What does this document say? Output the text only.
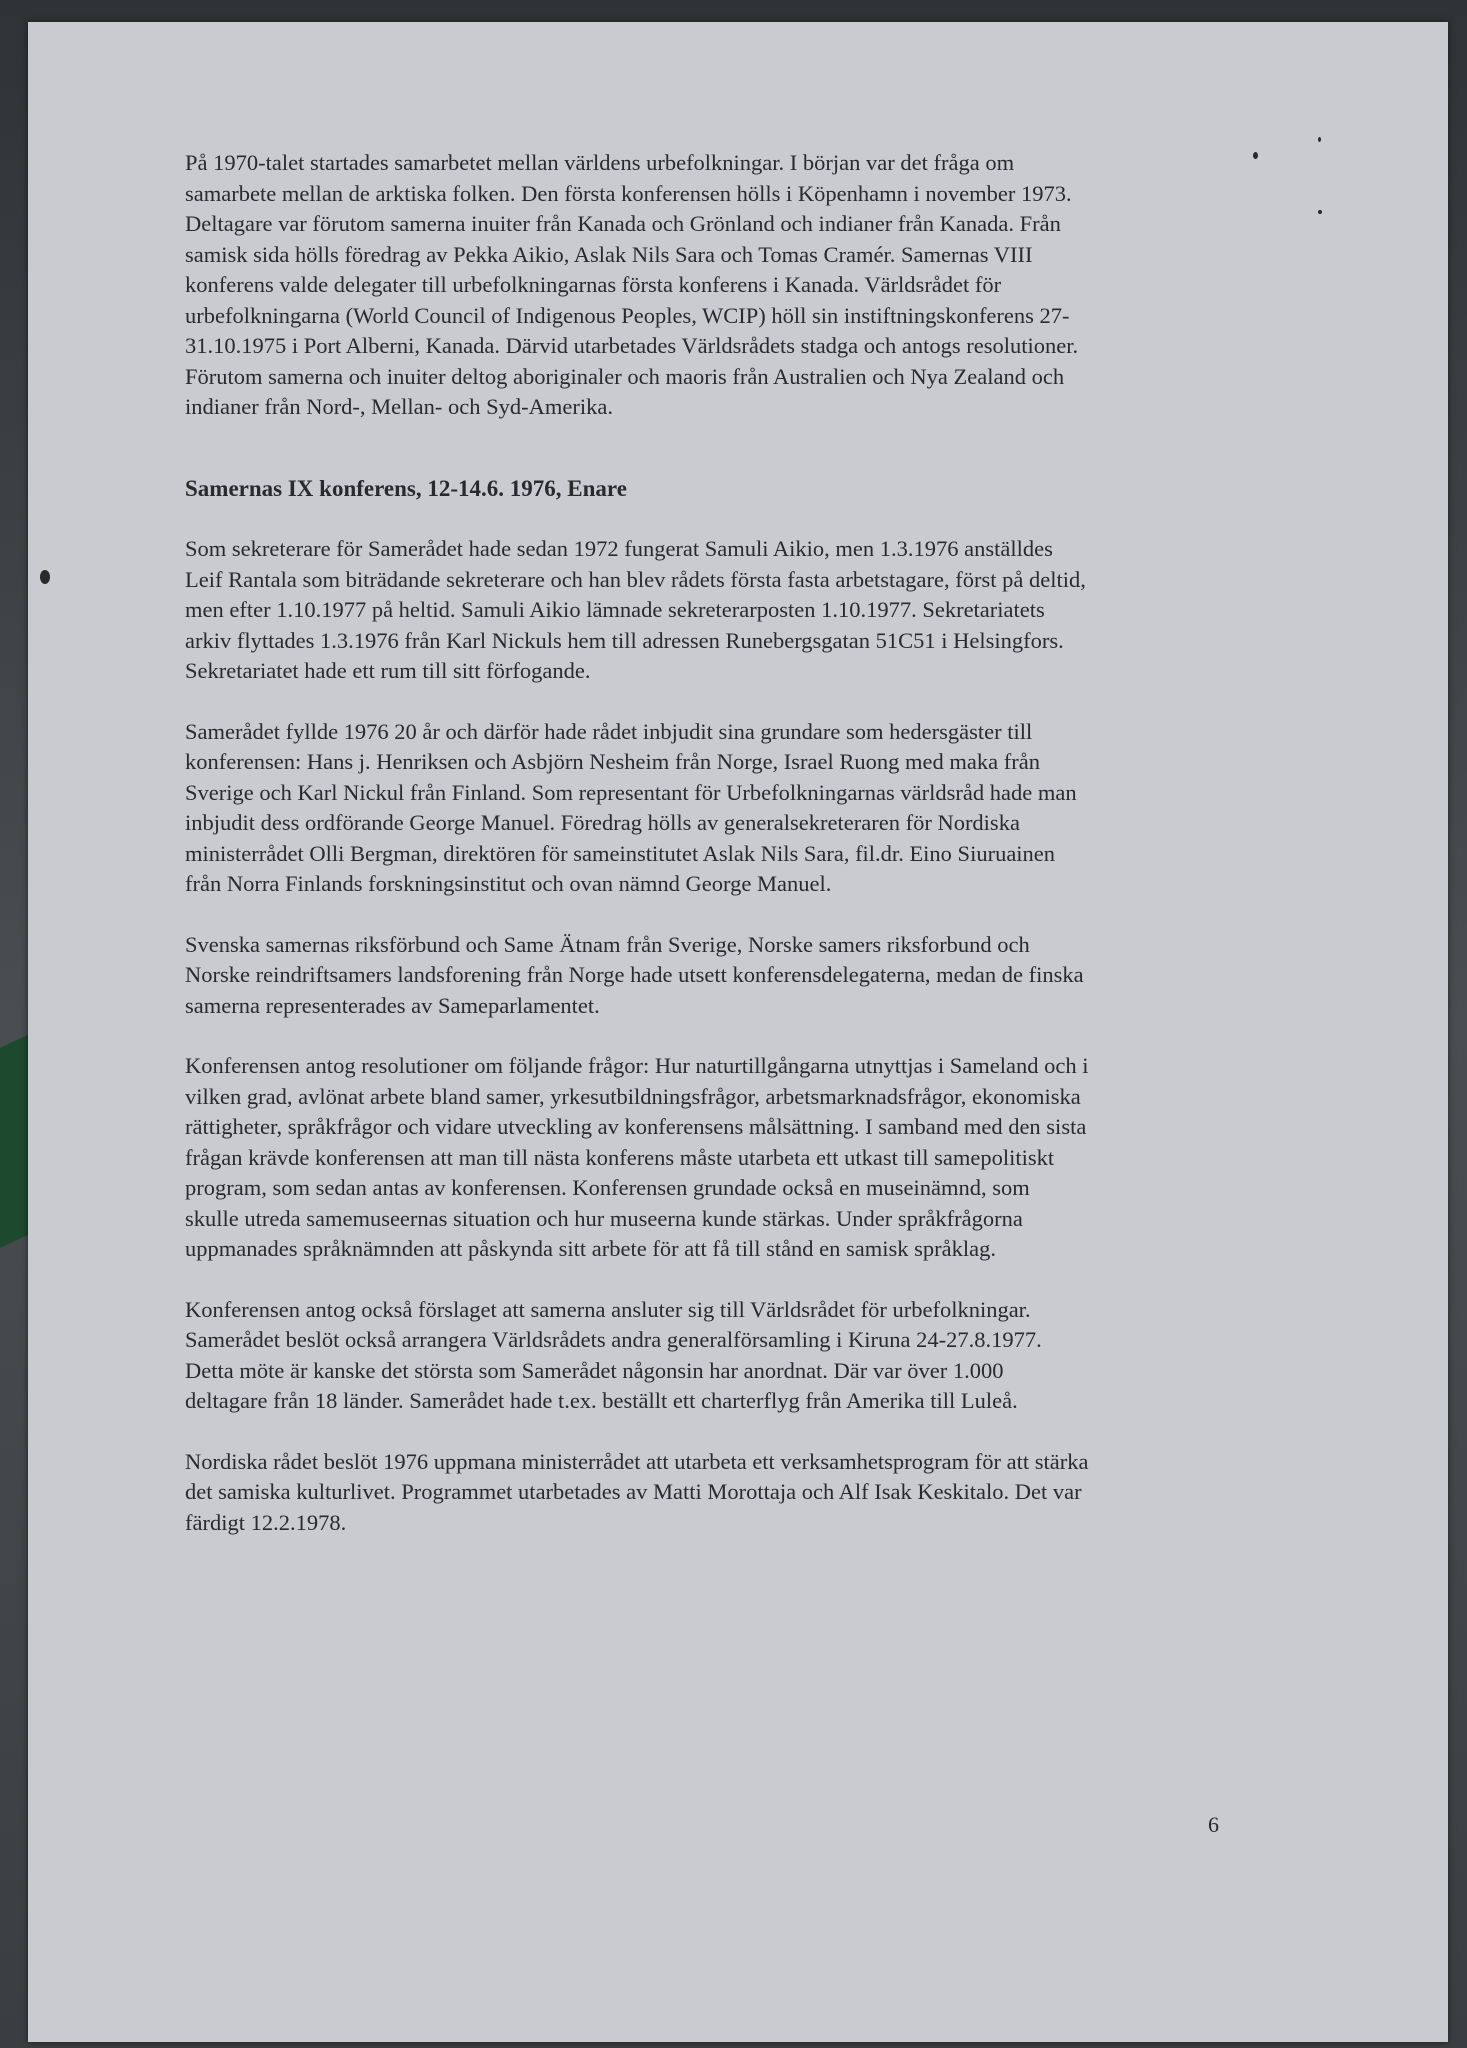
På 1970-talet startades samarbetet mellan världens urbefolkningar. I början var det fråga om
samarbete mellan de arktiska folken. Den första konferensen hölls i Köpenhamn i november 1973.
Deltagare var förutom samerna inuiter från Kanada och Grönland och indianer från Kanada. Från
samisk sida hölls föredrag av Pekka Aikio, Aslak Nils Sara och Tomas Cramér. Samernas VIII
konferens valde delegater till urbefolkningarnas första konferens i Kanada. Världsrådet för
urbefolkningarna (World Council of Indigenous Peoples, WCIP) höll sin instiftningskonferens 27-
31.10.1975 i Port Alberni, Kanada. Därvid utarbetades Världsrådets stadga och antogs resolutioner.
Förutom samerna och inuiter deltog aboriginaler och maoris från Australien och Nya Zealand och
indianer från Nord-, Mellan- och Syd-Amerika.

Samernas IX konferens, 12-14.6. 1976, Enare

Som sekreterare för Samerådet hade sedan 1972 fungerat Samuli Aikio, men 1.3.1976 anställdes
Leif Rantala som biträdande sekreterare och han blev rådets första fasta arbetstagare, först på deltid,
men efter 1.10.1977 på heltid. Samuli Aikio lämnade sekreterarposten 1.10.1977. Sekretariatets
arkiv flyttades 1.3.1976 från Karl Nickuls hem till adressen Runebergsgatan 51C51 i Helsingfors.
Sekretariatet hade ett rum till sitt förfogande.

Samerådet fyllde 1976 20 år och därför hade rådet inbjudit sina grundare som hedersgäster till
konferensen: Hans j. Henriksen och Asbjörn Nesheim från Norge, Israel Ruong med maka från
Sverige och Karl Nickul från Finland. Som representant för Urbefolkningarnas världsråd hade man
inbjudit dess ordförande George Manuel. Föredrag hölls av generalsekreteraren för Nordiska
ministerrådet Olli Bergman, direktören för sameinstitutet Aslak Nils Sara, fil.dr. Eino Siuruainen
från Norra Finlands forskningsinstitut och ovan nämnd George Manuel.

Svenska samernas riksförbund och Same Ätnam från Sverige, Norske samers riksforbund och
Norske reindriftsamers landsforening från Norge hade utsett konferensdelegaterna, medan de finska
samerna representerades av Sameparlamentet.

Konferensen antog resolutioner om följande frågor: Hur naturtillgångarna utnyttjas i Sameland och i
vilken grad, avlönat arbete bland samer, yrkesutbildningsfrågor, arbetsmarknadsfrågor, ekonomiska
rättigheter, språkfrågor och vidare utveckling av konferensens målsättning. I samband med den sista
frågan krävde konferensen att man till nästa konferens måste utarbeta ett utkast till samepolitiskt
program, som sedan antas av konferensen. Konferensen grundade också en museinämnd, som
skulle utreda samemuseernas situation och hur museerna kunde stärkas. Under språkfrågorna
uppmanades språknämnden att påskynda sitt arbete för att få till stånd en samisk språklag.

Konferensen antog också förslaget att samerna ansluter sig till Världsrådet för urbefolkningar.
Samerådet beslöt också arrangera Världsrådets andra generalförsamling i Kiruna 24-27.8.1977.
Detta möte är kanske det största som Samerådet någonsin har anordnat. Där var över 1.000
deltagare från 18 länder. Samerådet hade t.ex. beställt ett charterflyg från Amerika till Luleå.

Nordiska rådet beslöt 1976 uppmana ministerrådet att utarbeta ett verksamhetsprogram för att stärka
det samiska kulturlivet. Programmet utarbetades av Matti Morottaja och Alf Isak Keskitalo. Det var
färdigt 12.2.1978.

6
